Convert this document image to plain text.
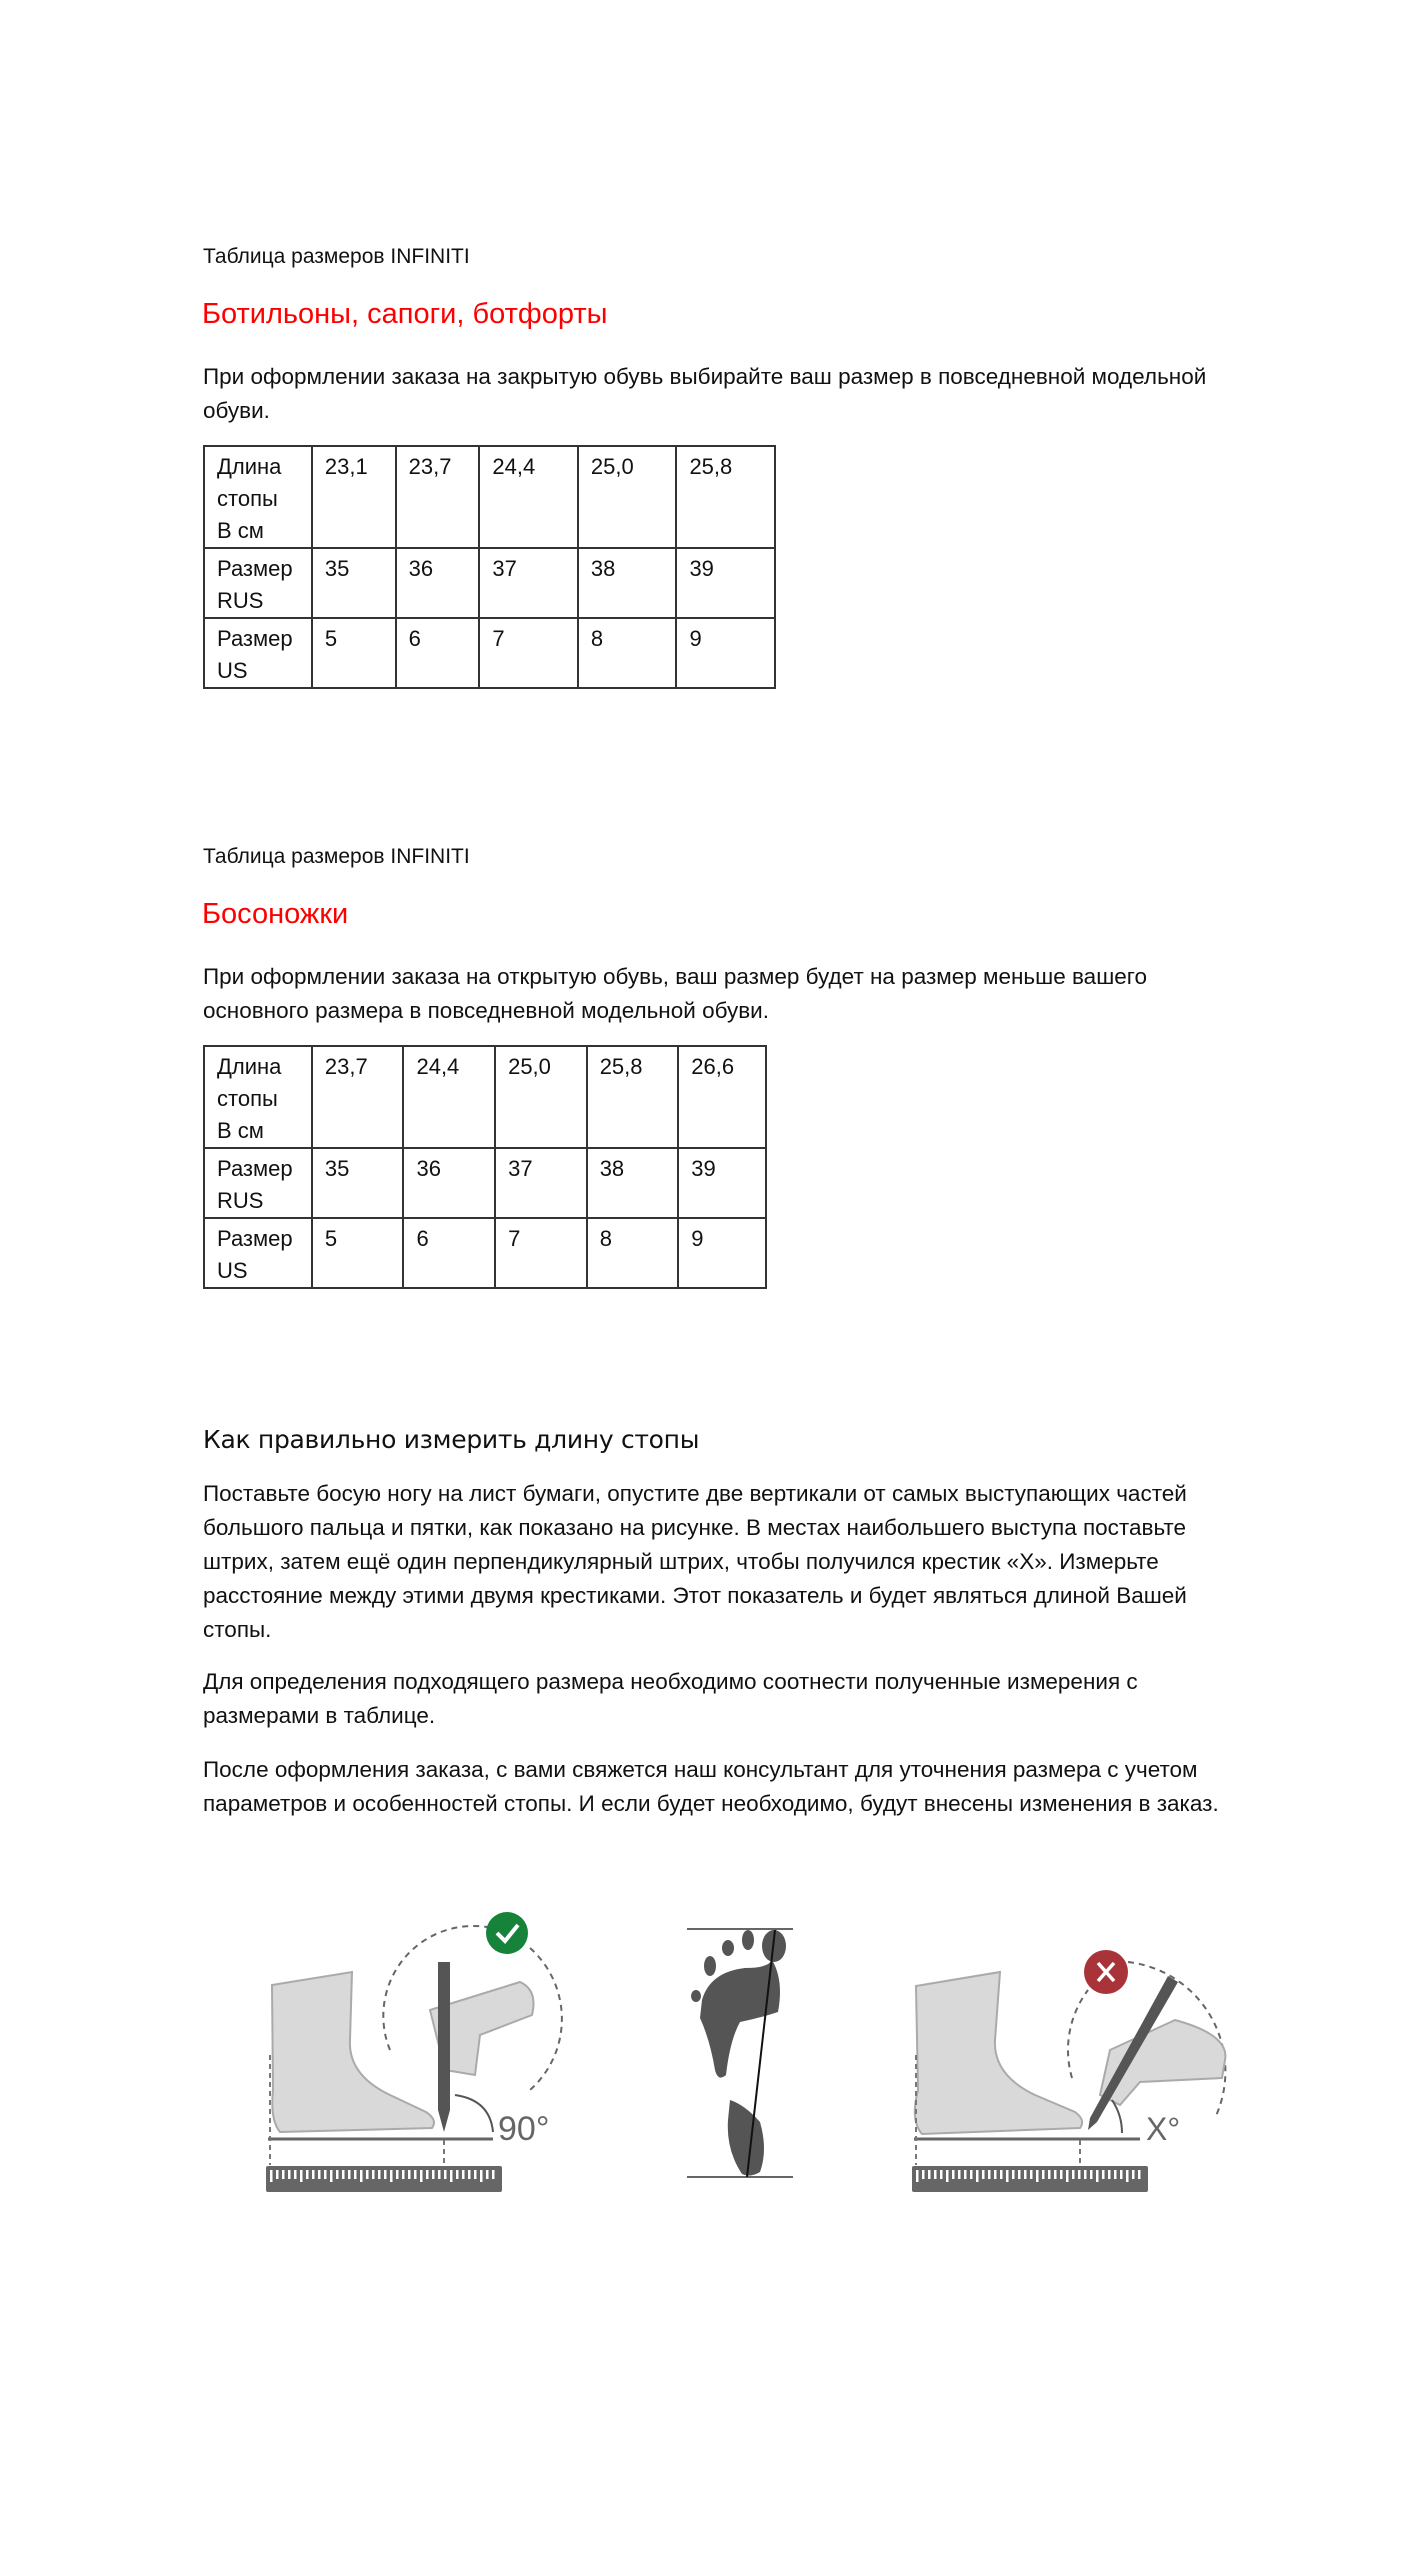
Таблица размеров INFINITI
Ботильоны, сапоги, ботфорты
При оформлении заказа на закрытую обувь выбирайте ваш размер в повседневной модельной
обуви.
Длина
стопы
В см	23,1	23,7	24,4	25,0	25,8

Размер
RUS	35	36	37	38	39

Размер
US	5	6	7	8	9
Таблица размеров INFINITI
Босоножки
При оформлении заказа на открытую обувь, ваш размер будет на размер меньше вашего
основного размера в повседневной модельной обуви.
Длина
стопы
В см	23,7	24,4	25,0	25,8	26,6

Размер
RUS	35	36	37	38	39

Размер
US	5	6	7	8	9
Как правильно измерить длину стопы
Поставьте босую ногу на лист бумаги, опустите две вертикали от самых выступающих частей
большого пальца и пятки, как показано на рисунке. В местах наибольшего выступа поставьте
штрих, затем ещё один перпендикулярный штрих, чтобы получился крестик «Х». Измерьте
расстояние между этими двумя крестиками. Этот показатель и будет являться длиной Вашей
стопы.
Для определения подходящего размера необходимо соотнести полученные измерения с
размерами в таблице.
После оформления заказа, с вами свяжется наш консультант для уточнения размера с учетом
параметров и особенностей стопы. И если будет необходимо, будут внесены изменения в заказ.
90°	X°
